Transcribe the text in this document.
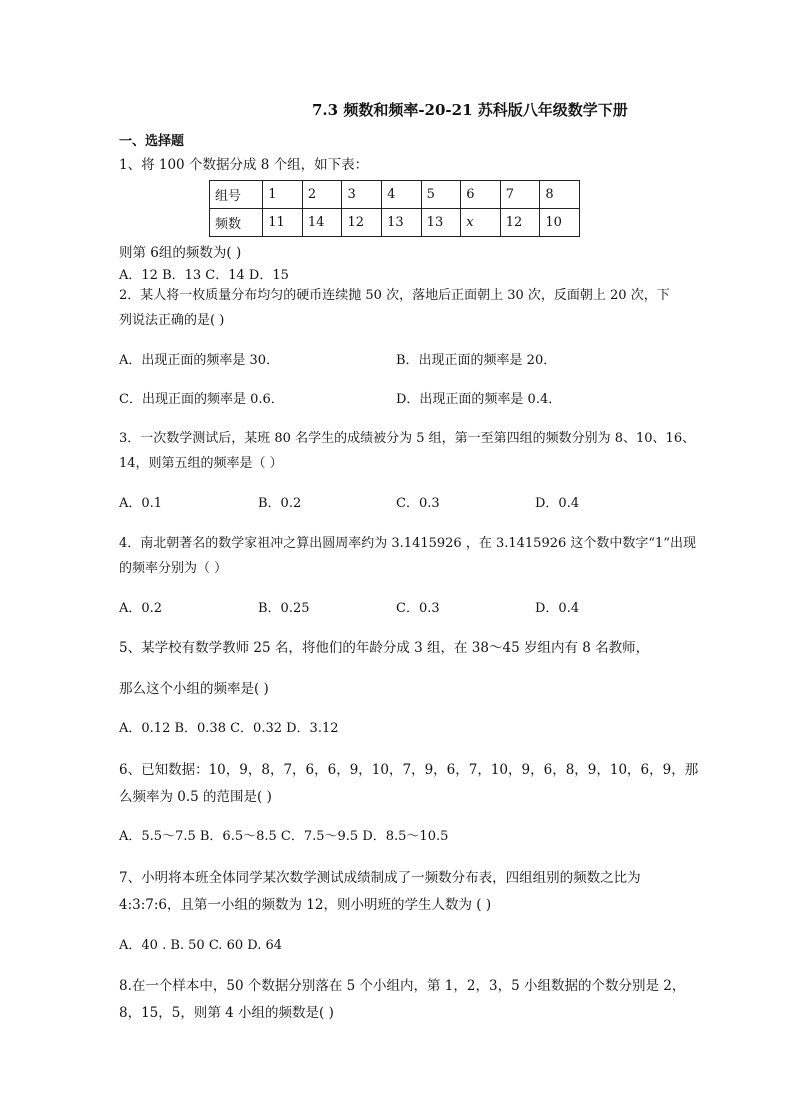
7.3 频数和频率-20-21 苏科版八年级数学下册
一、选择题
1、将 100 个数据分成 8 个组，如下表：
组号	1	2	3	4	5	6	7	8
频数	11	14	12	13	13	x	12	10
则第 6组的频数为( )
A．12 B．13 C．14 D．15
2．某人将一枚质量分布均匀的硬币连续抛 50 次，落地后正面朝上 30 次，反面朝上 20 次，下
列说法正确的是( )
A．出现正面的频率是 30．	B．出现正面的频率是 20．
C．出现正面的频率是 0.6．	D．出现正面的频率是 0.4．
3．一次数学测试后，某班 80 名学生的成绩被分为 5 组，第一至第四组的频数分别为 8、10、16、
14，则第五组的频率是（ ）
A．0.1	B．0.2	C．0.3	D．0.4
4．南北朝著名的数学家祖冲之算出圆周率约为 3.1415926 ，在 3.1415926 这个数中数字“1”出现
的频率分别为（ ）
A．0.2	B．0.25	C．0.3	D．0.4
5、某学校有数学教师 25 名，将他们的年龄分成 3 组，在 38～45 岁组内有 8 名教师，
那么这个小组的频率是( )
A．0.12 B．0.38 C．0.32 D．3.12
6、已知数据：10，9，8，7，6，6，9，10，7，9，6，7，10，9，6，8，9，10，6，9，那
么频率为 0.5 的范围是( )
A．5.5～7.5 B．6.5～8.5 C．7.5～9.5 D．8.5～10.5
7、小明将本班全体同学某次数学测试成绩制成了一频数分布表，四组组别的频数之比为
4:3:7:6，且第一小组的频数为 12，则小明班的学生人数为 ( )
A．40 . B. 50 C. 60 D. 64
8.在一个样本中，50 个数据分别落在 5 个小组内，第 1，2，3，5 小组数据的个数分别是 2，
8，15，5，则第 4 小组的频数是( )
